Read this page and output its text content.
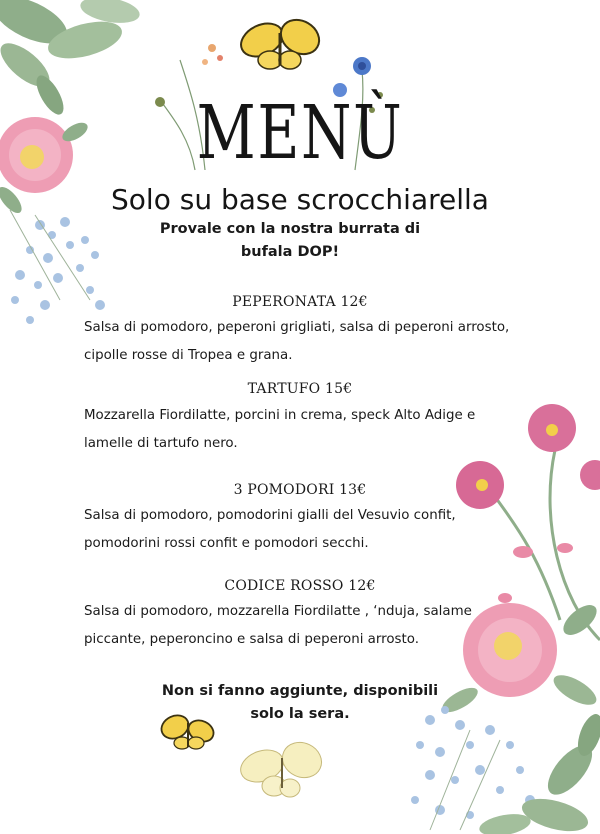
MENÙ
Solo su base scrocchiarella
Provale con la nostra burrata di bufala DOP!
PEPERONATA 12€
Salsa di pomodoro, peperoni grigliati, salsa di peperoni arrosto, cipolle rosse di Tropea e grana.
TARTUFO 15€
Mozzarella Fiordilatte, porcini in crema, speck Alto Adige e lamelle di tartufo nero.
3 POMODORI 13€
Salsa di pomodoro, pomodorini gialli del Vesuvio confit, pomodorini rossi confit e pomodori secchi.
CODICE ROSSO 12€
Salsa di pomodoro, mozzarella Fiordilatte , ‘nduja, salame piccante, peperoncino e salsa di peperoni arrosto.
Non si fanno aggiunte, disponibili solo la sera.
